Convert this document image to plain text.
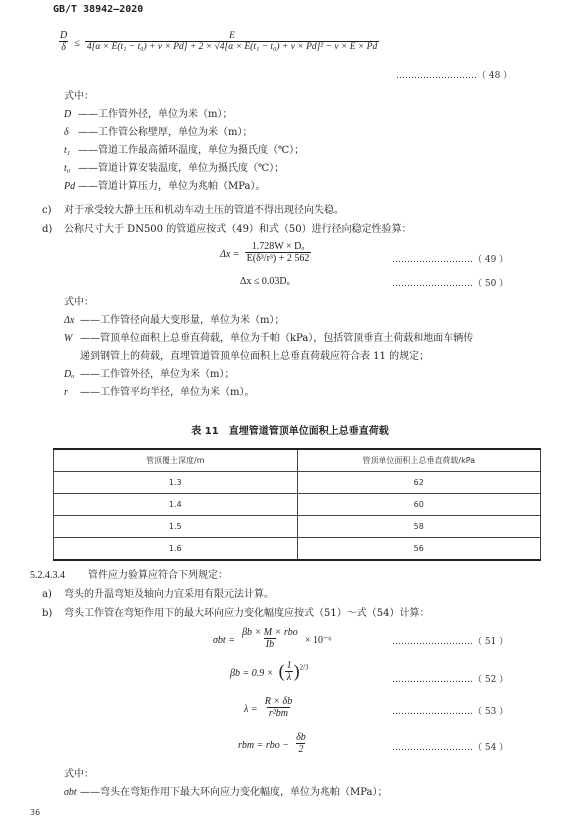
GB/T 38942—2020
$\frac{D}{\delta}$ ≤
E
4[α × E(t₁ − t₀) + ν × Pd] + 2 × √4[α × E(t₁ − t₀) + ν × Pd]² − ν × E × Pd
………………………（ 48 ）
式中：
D ——工作管外径，单位为米（m）；
δ ——工作管公称壁厚，单位为米（m）；
t₁ ——管道工作最高循环温度，单位为摄氏度（℃）；
t₀ ——管道计算安装温度，单位为摄氏度（℃）；
Pd ——管道计算压力，单位为兆帕（MPa）。
c) 对于承受较大静土压和机动车动土压的管道不得出现径向失稳。
d) 公称尺寸大于 DN500 的管道应按式（49）和式（50）进行径向稳定性验算：
$\Delta x = \frac{\text{1.728W × Dₒ}}{\text{E(δ³/r³) + 2 562}}$	………………………（ 49 ）
Δx ≤ 0.03Dₒ	………………………（ 50 ）
式中：
Δx ——工作管径向最大变形量，单位为米（m）；
W ——管顶单位面积上总垂直荷载，单位为千帕（kPa），包括管顶垂直土荷载和地面车辆传
递到钢管上的荷载，直埋管道管顶单位面积上总垂直荷载应符合表 11 的规定；
Dₒ ——工作管外径，单位为米（m）；
r ——工作管平均半径，单位为米（m）。
表 11　直埋管道管顶单位面积上总垂直荷载
管顶覆土深度/m	管顶单位面积上总垂直荷载/kPa
1.3	62
1.4	60
1.5	58
1.6	56
5.2.4.3.4 管件应力验算应符合下列规定：
a) 弯头的升温弯矩及轴向力宜采用有限元法计算。
b) 弯头工作管在弯矩作用下的最大环向应力变化幅度应按式（51）～式（54）计算：
$\sigma bt = \frac{\text{βb × M × rbo}}{Ib} \times 10^{-6}$	………………………（ 51 ）
βb = 0.9 × ( $\frac{1}{\lambda} )^{2/3}$
………………………（ 52 ）
$\lambda = \frac{R \times \delta b}{\text{r²bm}}$	………………………（ 53 ）
rbm = rbo − $\frac{\delta b}{2}$	………………………（ 54 ）
式中：
σbt ——弯头在弯矩作用下最大环向应力变化幅度，单位为兆帕（MPa）；
36
